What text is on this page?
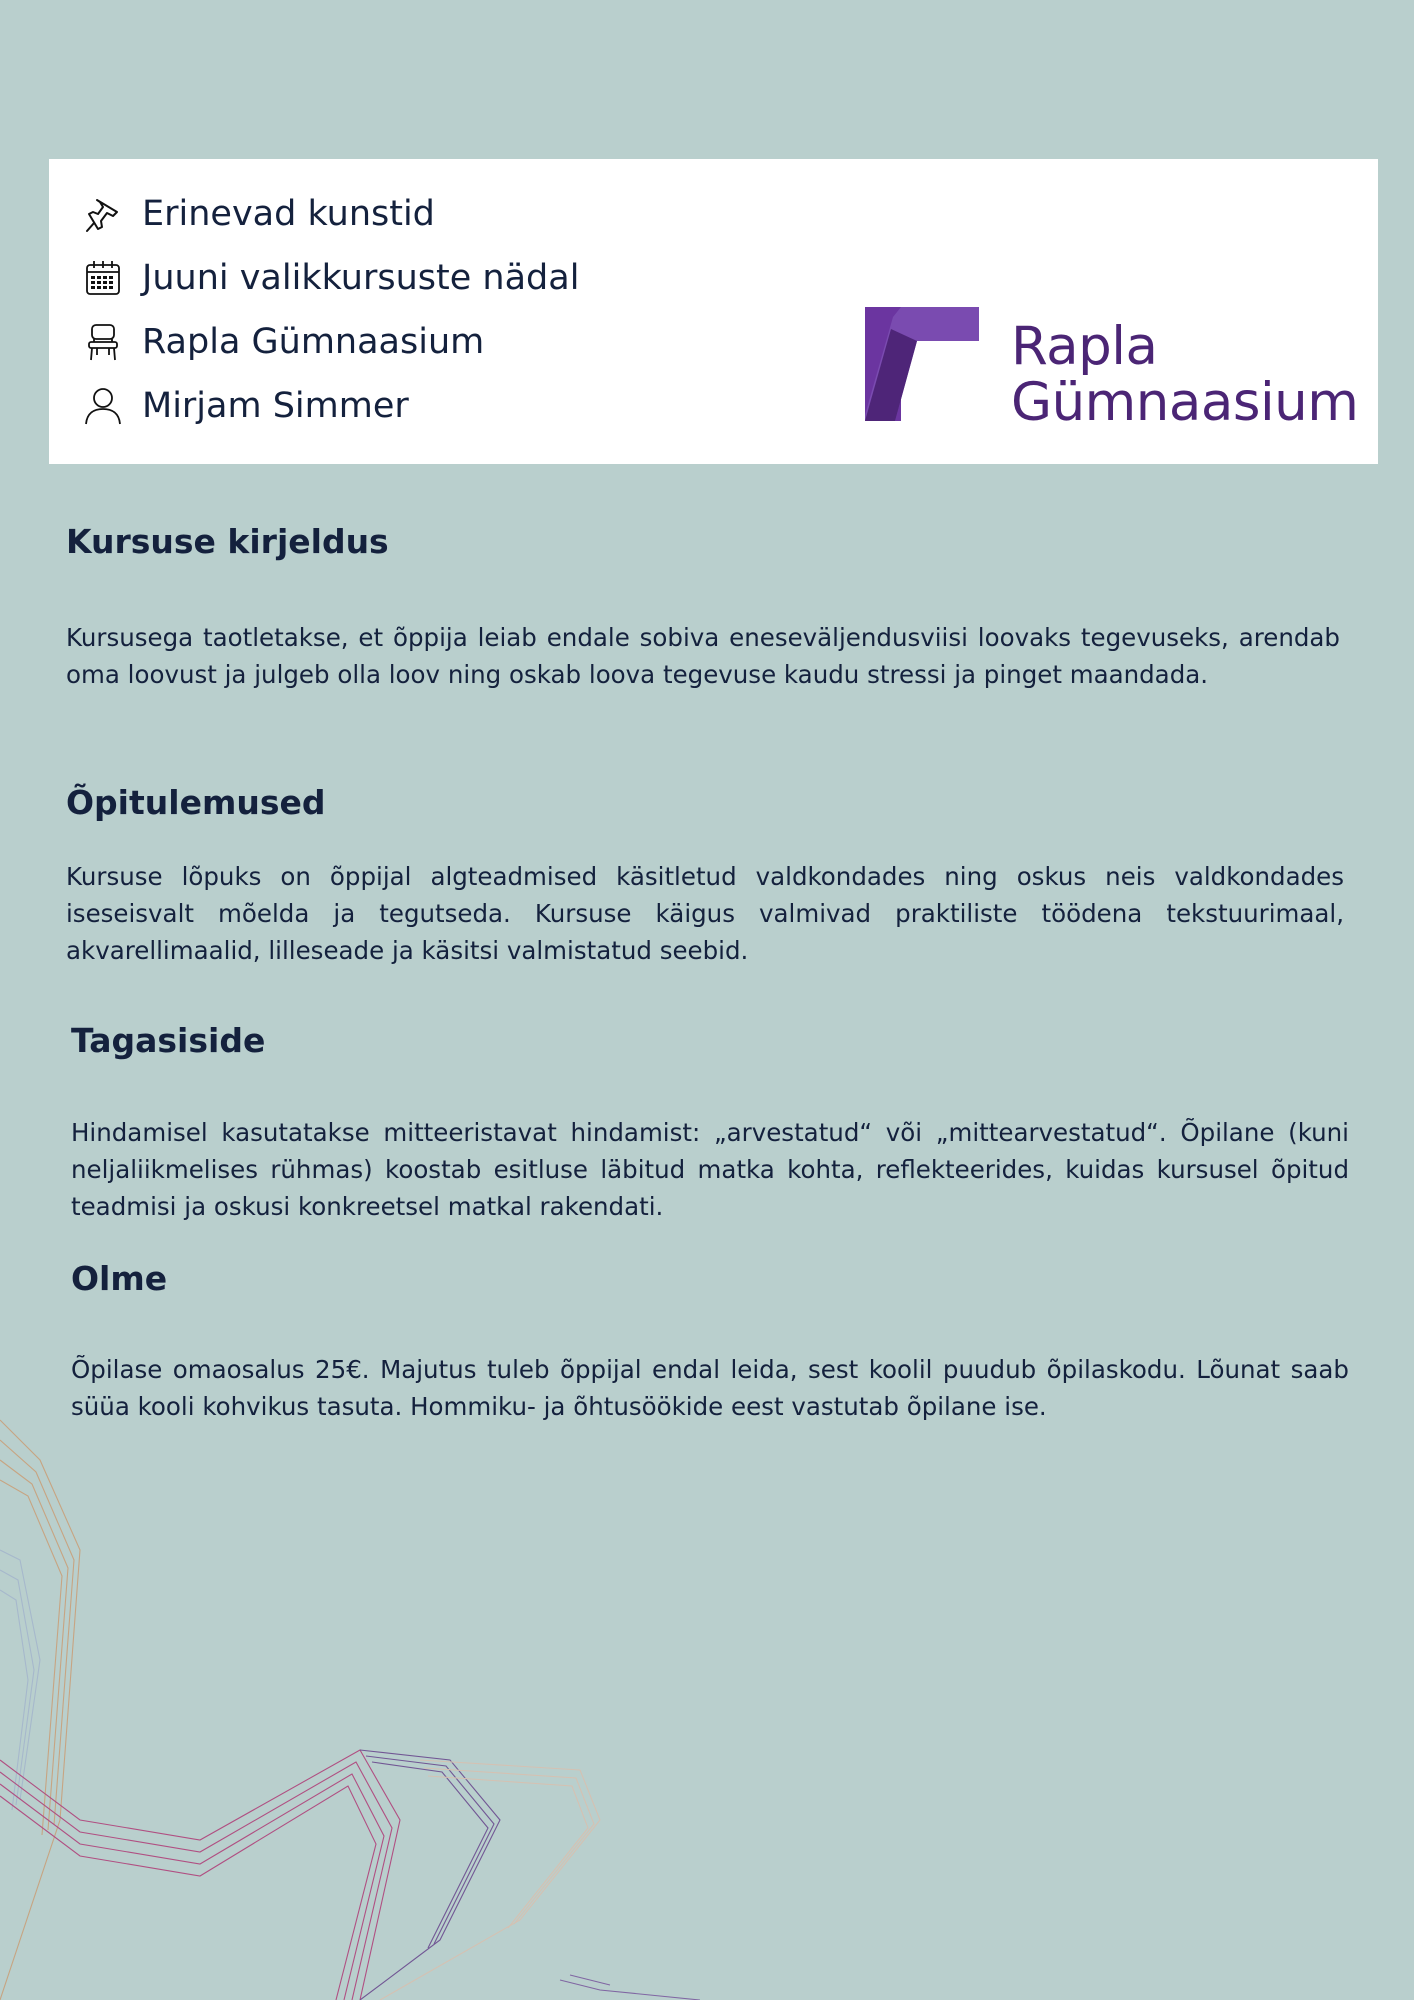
Erinevad kunstid
Juuni valikkursuste nädal
Rapla Gümnaasium
Mirjam Simmer
Rapla
Gümnaasium
Kursuse kirjeldus

Kursusega taotletakse, et õppija leiab endale sobiva eneseväljendusviisi loovaks tegevuseks, arendab oma loovust ja julgeb olla loov ning oskab loova tegevuse kaudu stressi ja pinget maandada.

Õpitulemused

Kursuse lõpuks on õppijal algteadmised käsitletud valdkondades ning oskus neis valdkondades iseseisvalt mõelda ja tegutseda. Kursuse käigus valmivad praktiliste töödena tekstuurimaal, akvarellimaalid, lilleseade ja käsitsi valmistatud seebid.

Tagasiside

Hindamisel kasutatakse mitteeristavat hindamist: „arvestatud“ või „mittearvestatud“. Õpilane (kuni neljaliikmelises rühmas) koostab esitluse läbitud matka kohta, reflekteerides, kuidas kursusel õpitud teadmisi ja oskusi konkreetsel matkal rakendati.

Olme

Õpilase omaosalus 25€. Majutus tuleb õppijal endal leida, sest koolil puudub õpilaskodu. Lõunat saab süüa kooli kohvikus tasuta. Hommiku- ja õhtusöökide eest vastutab õpilane ise.
